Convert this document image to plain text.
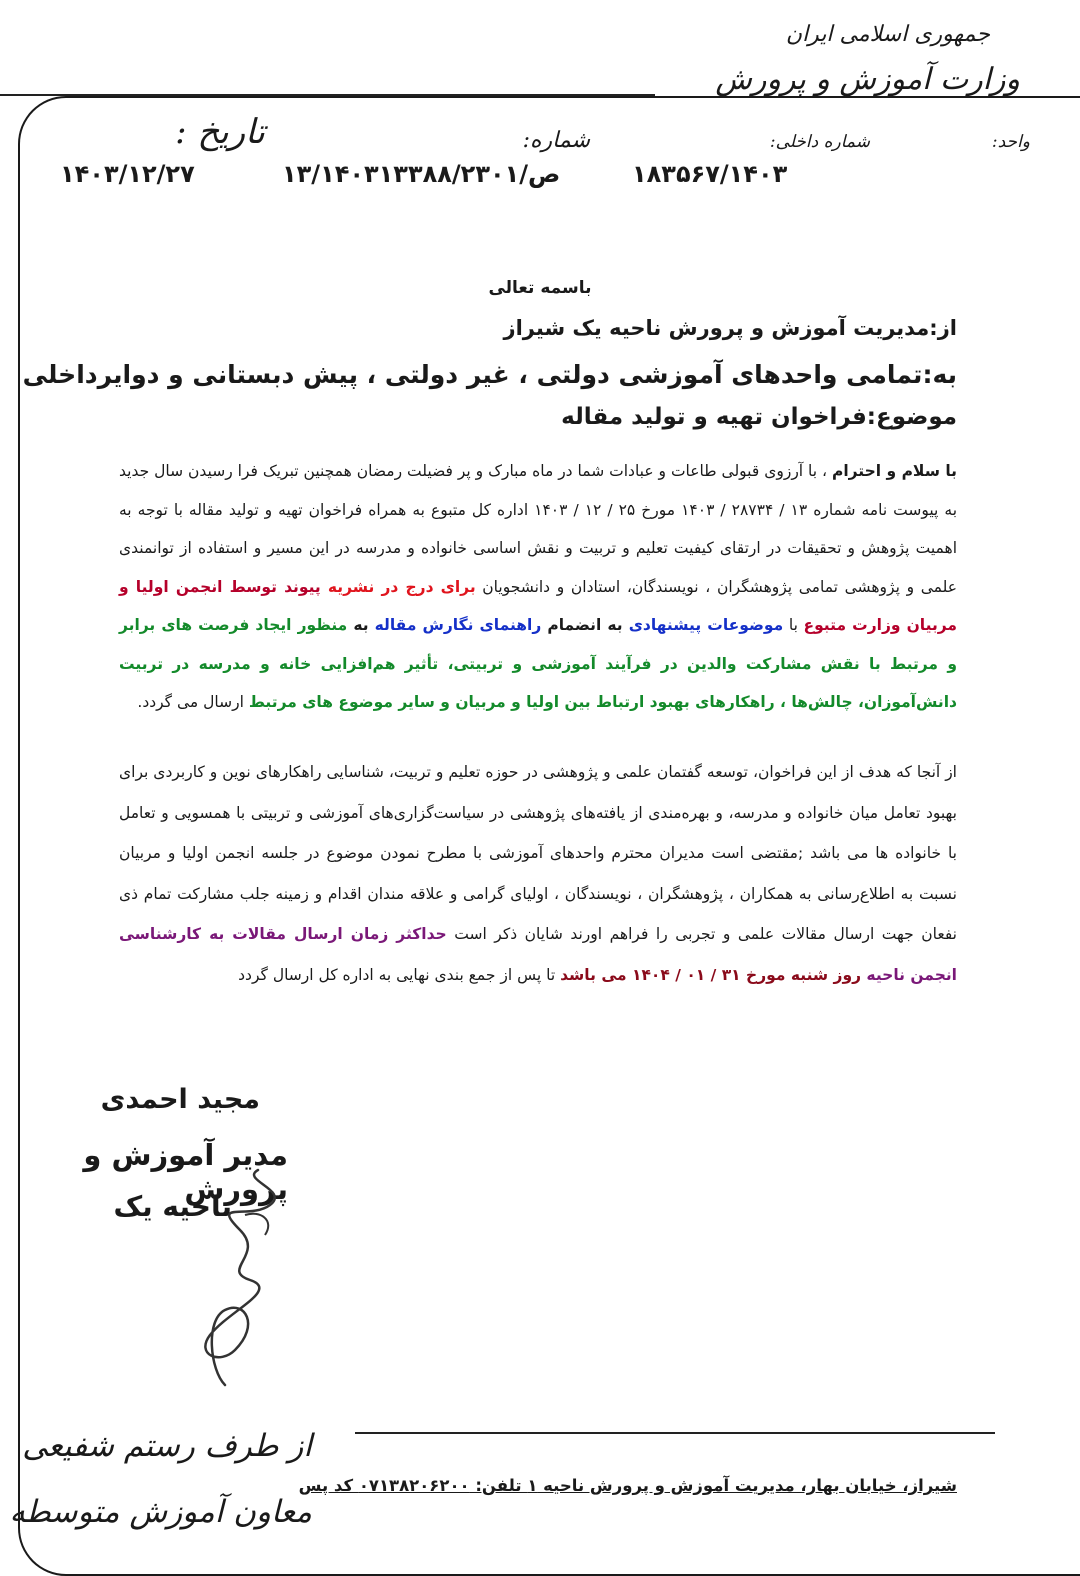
جمهوری اسلامی ایران
وزارت آموزش و پرورش
واحد:
شماره داخلی:
شماره:
تاریخ :
۱۸۳۵۶۷/۱۴۰۳
۱۳/۱۴۰۳۱۳۳۸۸/۲۳۰۱/ص
۱۴۰۳/۱۲/۲۷
باسمه تعالی
از:مدیریت آموزش و پرورش ناحیه یک شیراز
به:تمامی واحدهای آموزشی دولتی ، غیر دولتی ، پیش دبستانی و دوایرداخلی
موضوع:فراخوان تهیه و تولید مقاله
با سلام و احترام ، با آرزوی قبولی طاعات و عبادات شما در ماه مبارک و پر فضیلت رمضان همچنین تبریک فرا رسیدن سال جدید به پیوست نامه شماره ۱۳ / ۲۸۷۳۴ / ۱۴۰۳ مورخ ۲۵ / ۱۲ / ۱۴۰۳ اداره کل متبوع به همراه فراخوان تهیه و تولید مقاله با توجه به اهمیت پژوهش و تحقیقات در ارتقای کیفیت تعلیم و تربیت و نقش اساسی خانواده و مدرسه در این مسیر و استفاده از توانمندی علمی و پژوهشی تمامی پژوهشگران ، نویسندگان، استادان و دانشجویان برای درج در نشریه پیوند توسط انجمن اولیا و مربیان وزارت متبوع با موضوعات پیشنهادی به انضمام راهنمای نگارش مقاله به منظور ایجاد فرصت های برابر و مرتبط با نقش مشارکت والدین در فرآیند آموزشی و تربیتی، تأثیر هم‌افزایی خانه و مدرسه در تربیت دانش‌آموزان، چالش‌ها ، راهکارهای بهبود ارتباط بین اولیا و مربیان و سایر موضوع های مرتبط ارسال می گردد.
از آنجا که هدف از این فراخوان، توسعه گفتمان علمی و پژوهشی در حوزه تعلیم و تربیت، شناسایی راهکارهای نوین و کاربردی برای بهبود تعامل میان خانواده و مدرسه، و بهره‌مندی از یافته‌های پژوهشی در سیاست‌گزاری‌های آموزشی و تربیتی با همسویی و تعامل با خانواده ها می باشد ;مقتضی است مدیران محترم واحدهای آموزشی با مطرح نمودن موضوع در جلسه انجمن اولیا و مربیان نسبت به اطلاع‌رسانی به همکاران ، پژوهشگران ، نویسندگان ، اولیای گرامی و علاقه مندان اقدام و زمینه جلب مشارکت تمام ذی نفعان جهت ارسال مقالات علمی و تجربی را فراهم اورند شایان ذکر است حداکثر زمان ارسال مقالات به کارشناسی انجمن ناحیه روز شنبه مورخ ۳۱ / ۰۱ / ۱۴۰۴ می باشد تا پس از جمع بندی نهایی به اداره کل ارسال گردد
مجید احمدی
مدیر آموزش و پرورش
ناحیه یک
از طرف رستم شفیعی
معاون آموزش متوسطه
شیراز، خیابان بهار، مدیریت آموزش و پرورش ناحیه ۱ تلفن: ۰۷۱۳۸۲۰۶۲۰۰ کد پس
